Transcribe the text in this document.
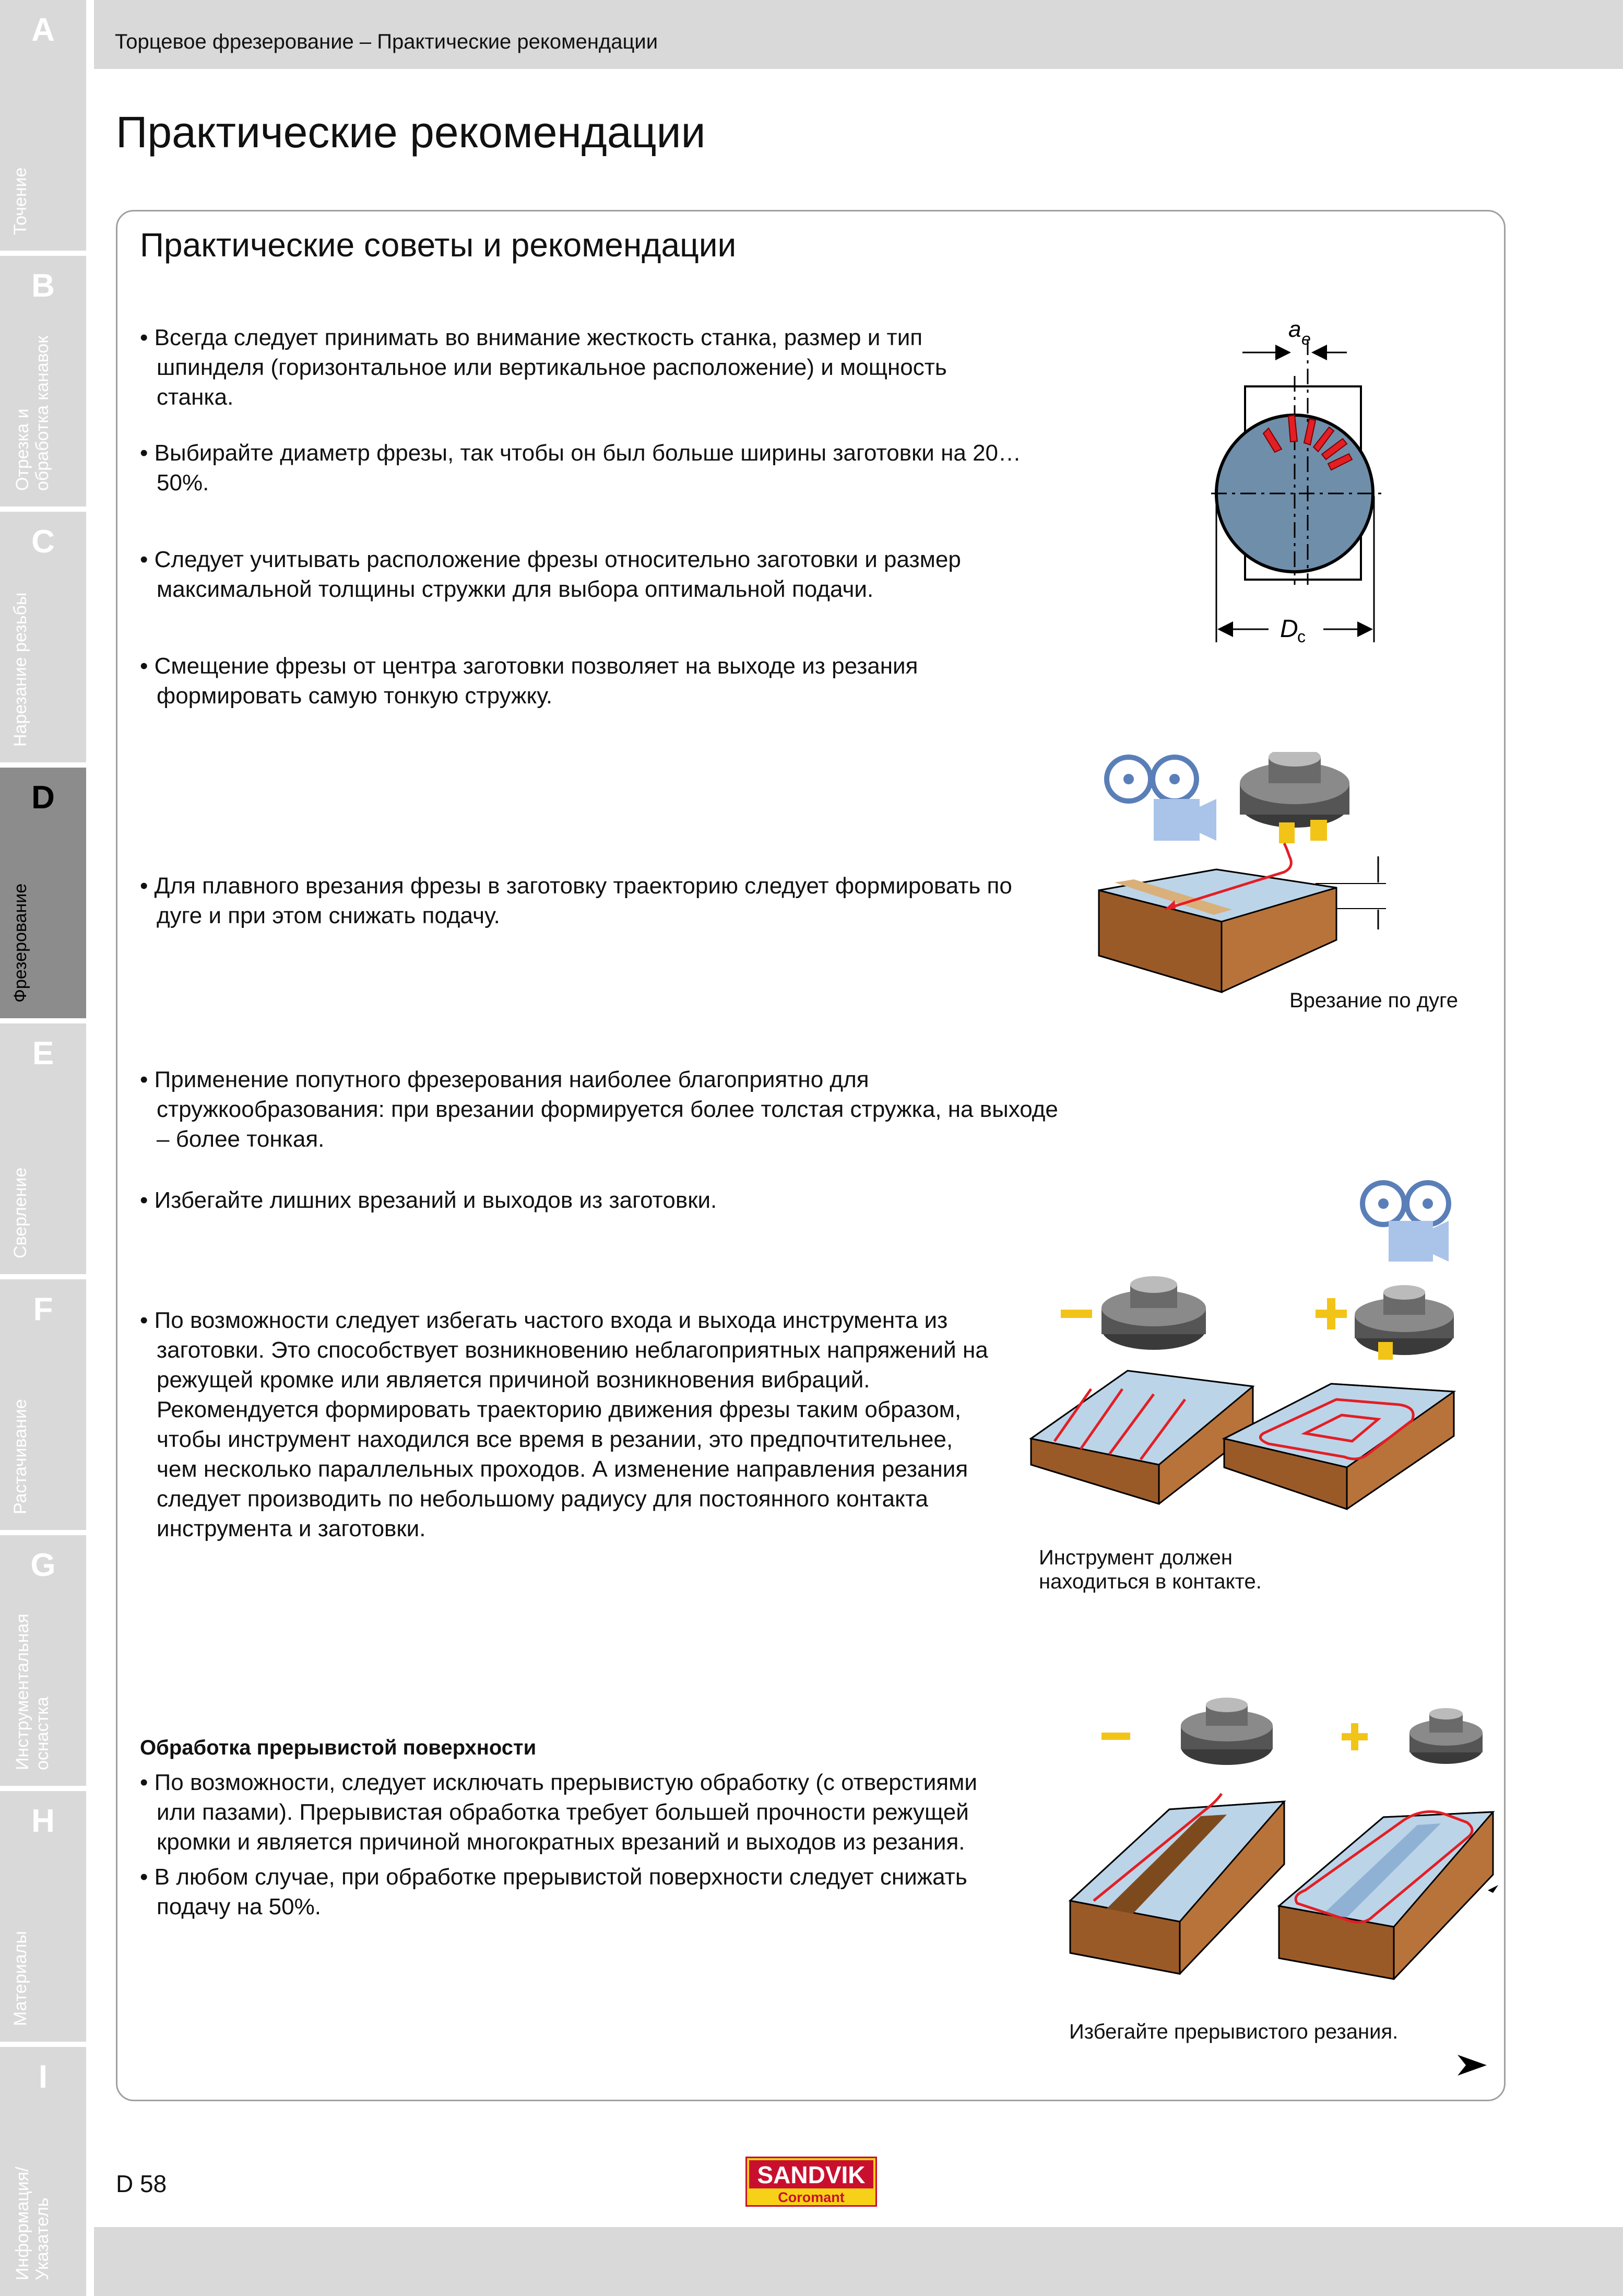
A
Точение
B
Отрезка и обработка канавок
C
Нарезание резьбы
D
Фрезерование
E
Сверление
F
Растачивание
G
Инструментальная оснастка
H
Материалы
I
Информация/ Указатель
Торцевое фрезерование – Практические рекомендации
Практические рекомендации
Практические советы и рекомендации

• Всегда следует принимать во внимание жесткость станка, размер и тип шпинделя (горизонтальное или вертикальное расположение) и мощность станка.

• Выбирайте диаметр фрезы, так чтобы он был больше ширины заготовки на 20…50%.

• Следует учитывать расположение фрезы относительно заготовки и размер максимальной толщины стружки для выбора оптимальной подачи.

• Смещение фрезы от центра заготовки позволяет на выходе из резания формировать самую тонкую стружку.

• Для плавного врезания фрезы в заготовку траекторию следует формировать по дуге и при этом снижать подачу.

• Применение попутного фрезерования наиболее благоприятно для стружкообразования: при врезании формируется более толстая стружка, на выходе – более тонкая.

• Избегайте лишних врезаний и выходов из заготовки.

• По возможности следует избегать частого входа и выхода инструмента из заготовки. Это способствует возникновению неблагоприятных напряжений на режущей кромке или является причиной возникновения вибраций. Рекомендуется формировать траекторию движения фрезы таким образом, чтобы инструмент находился все время в резании, это предпочтительнее, чем несколько параллельных проходов. А изменение направления резания следует производить по небольшому радиусу для постоянного контакта инструмента и заготовки.

Обработка прерывистой поверхности

• По возможности, следует исключать прерывистую обработку (с отверстиями или пазами). Прерывистая обработка требует большей прочности режущей кромки и является причиной многократных врезаний и выходов из резания.

• В любом случае, при обработке прерывистой поверхности следует снижать подачу на 50%.

a e
D
c
Врезание по дуге
Инструмент должен находиться в контакте.
Избегайте прерывистого резания.
D 58	SANDVIK
Coromant
